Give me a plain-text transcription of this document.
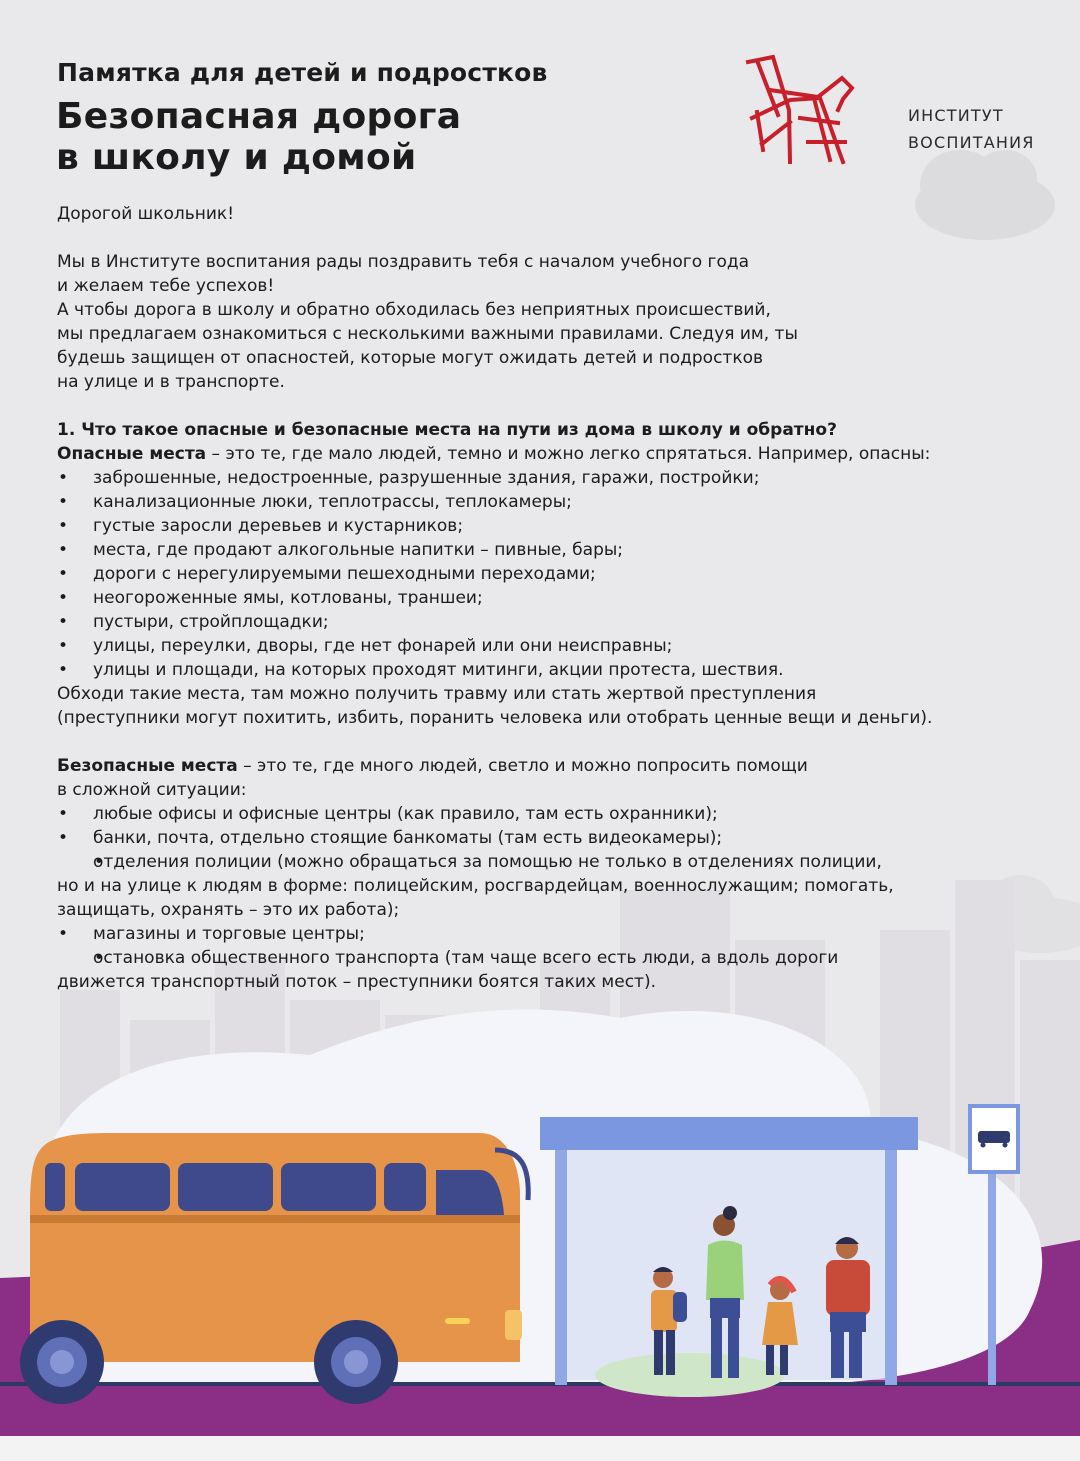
Памятка для детей и подростков
Безопасная дорога
в школу и домой
ИНСТИТУТ
ВОСПИТАНИЯ

Дорогой школьник!

Мы в Институте воспитания рады поздравить тебя с началом учебного года
и желаем тебе успехов!
А чтобы дорога в школу и обратно обходилась без неприятных происшествий,
мы предлагаем ознакомиться с несколькими важными правилами. Следуя им, ты
будешь защищен от опасностей, которые могут ожидать детей и подростков
на улице и в транспорте.

1. Что такое опасные и безопасные места на пути из дома в школу и обратно?

Опасные места – это те, где мало людей, темно и можно легко спрятаться. Например, опасны:

• заброшенные, недостроенные, разрушенные здания, гаражи, постройки;
• канализационные люки, теплотрассы, теплокамеры;
• густые заросли деревьев и кустарников;
• места, где продают алкогольные напитки – пивные, бары;
• дороги с нерегулируемыми пешеходными переходами;
• неогороженные ямы, котлованы, траншеи;
• пустыри, стройплощадки;
• улицы, переулки, дворы, где нет фонарей или они неисправны;
• улицы и площади, на которых проходят митинги, акции протеста, шествия.

Обходи такие места, там можно получить травму или стать жертвой преступления
(преступники могут похитить, избить, поранить человека или отобрать ценные вещи и деньги).

Безопасные места – это те, где много людей, светло и можно попросить помощи
в сложной ситуации:

• любые офисы и офисные центры (как правило, там есть охранники);
• банки, почта, отдельно стоящие банкоматы (там есть видеокамеры);
• отделения полиции (можно обращаться за помощью не только в отделениях полиции,
но и на улице к людям в форме: полицейским, росгвардейцам, военнослужащим; помогать,
защищать, охранять – это их работа);
• магазины и торговые центры;
• остановка общественного транспорта (там чаще всего есть люди, а вдоль дороги
движется транспортный поток – преступники боятся таких мест).
